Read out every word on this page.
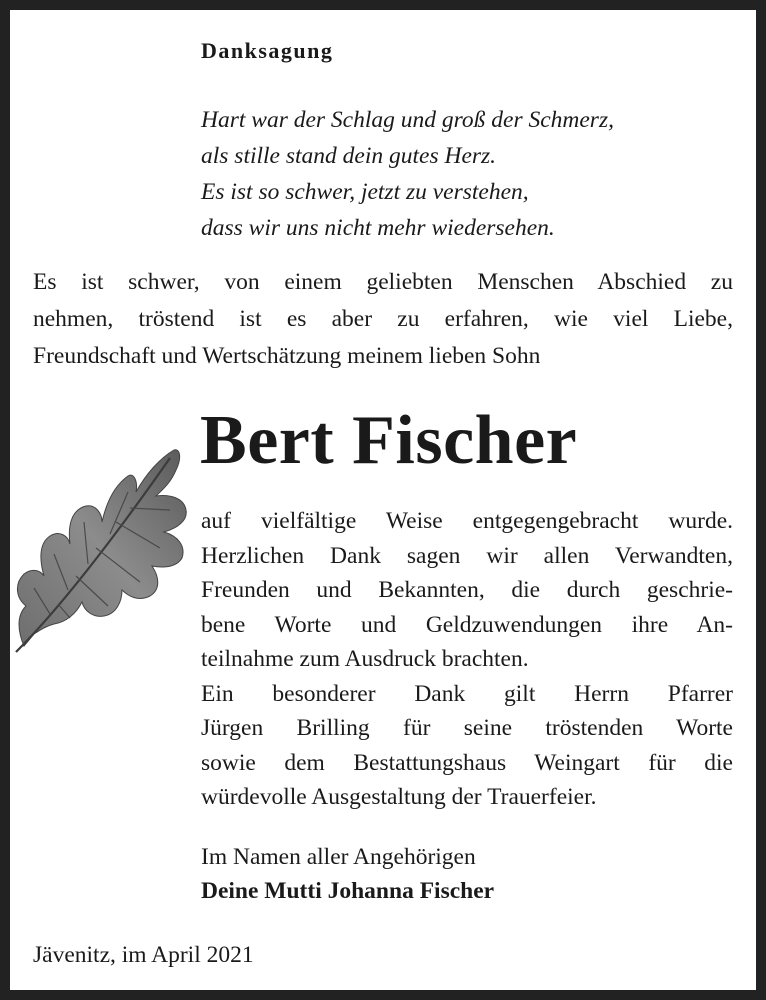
Danksagung
Hart war der Schlag und groß der Schmerz,
als stille stand dein gutes Herz.
Es ist so schwer, jetzt zu verstehen,
dass wir uns nicht mehr wiedersehen.
Es ist schwer, von einem geliebten Menschen Abschied zu
nehmen, tröstend ist es aber zu erfahren, wie viel Liebe,
Freundschaft und Wertschätzung meinem lieben Sohn
Bert Fischer
auf vielfältige Weise entgegengebracht wurde.
Herzlichen Dank sagen wir allen Verwandten,
Freunden und Bekannten, die durch geschrie-
bene Worte und Geldzuwendungen ihre An-
teilnahme zum Ausdruck brachten.
Ein besonderer Dank gilt Herrn Pfarrer
Jürgen Brilling für seine tröstenden Worte
sowie dem Bestattungshaus Weingart für die
würdevolle Ausgestaltung der Trauerfeier.
Im Namen aller Angehörigen
Deine Mutti Johanna Fischer
Jävenitz, im April 2021
